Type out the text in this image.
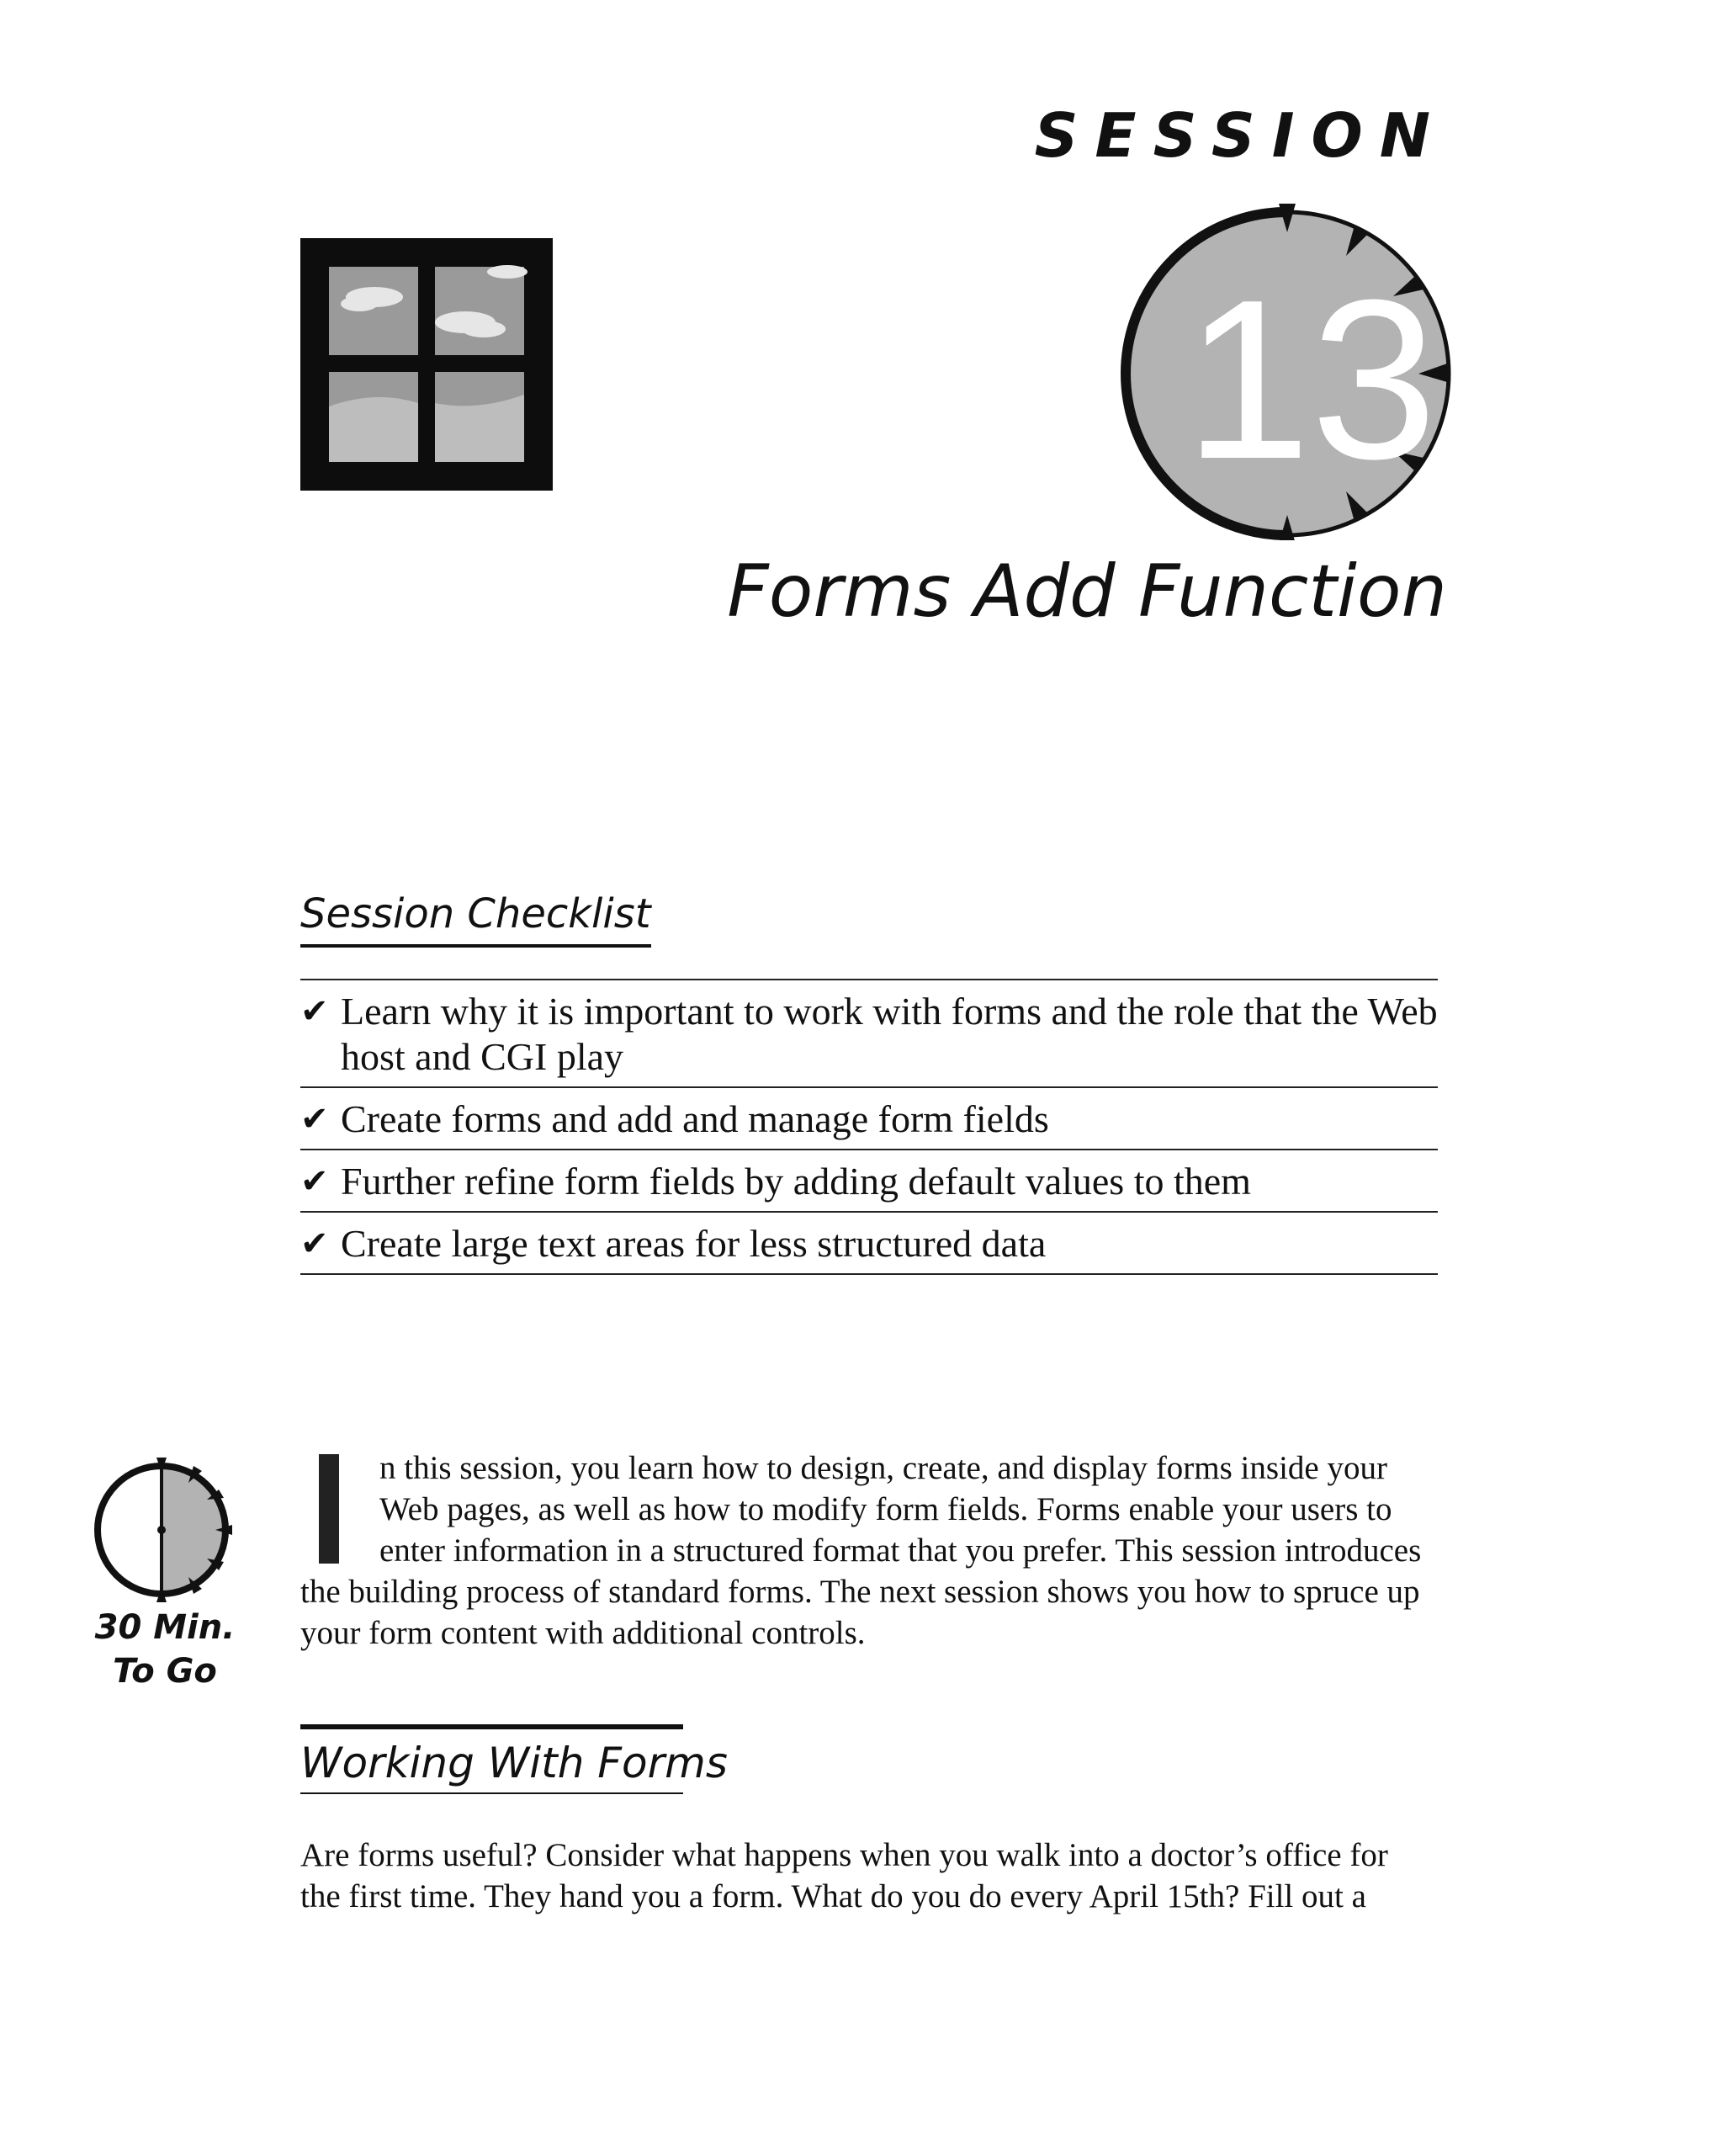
SESSION
13
Forms Add Function
Session Checklist
✔ Learn why it is important to work with forms and the role that the Web host and CGI play
✔ Create forms and add and manage form fields
✔ Further refine form fields by adding default values to them
✔ Create large text areas for less structured data
30 Min.
To Go

n this session, you learn how to design, create, and display forms inside your Web pages, as well as how to modify form fields. Forms enable your users to enter information in a structured format that you prefer. This session introduces the building process of standard forms. The next session shows you how to spruce up your form content with additional controls.

Working With Forms

Are forms useful? Consider what happens when you walk into a doctor’s office for the first time. They hand you a form. What do you do every April 15th? Fill out a
